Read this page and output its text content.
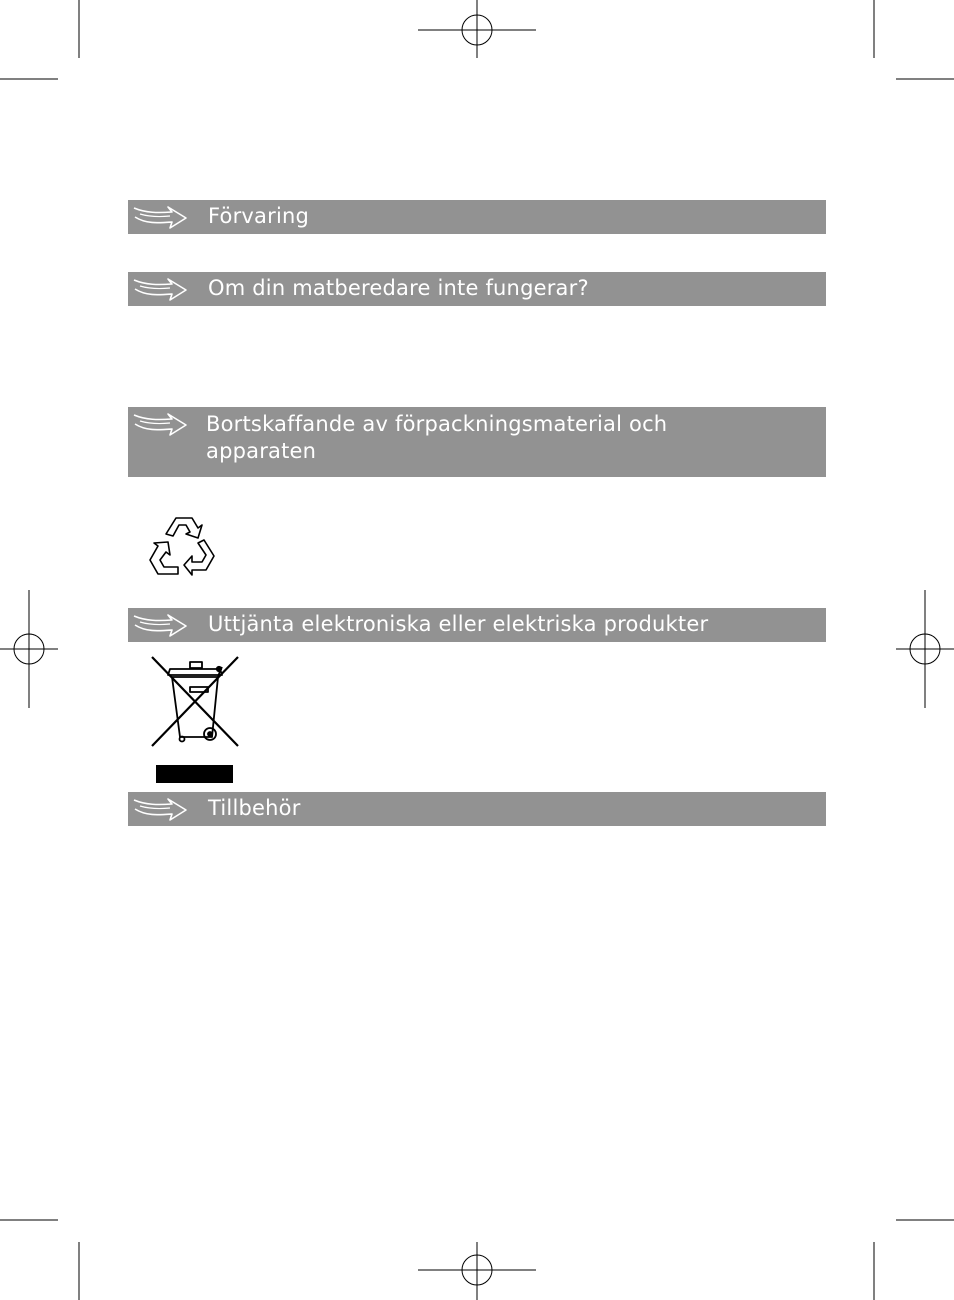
Förvaring
Om din matberedare inte fungerar?
Bortskaffande av förpackningsmaterial och apparaten
Uttjänta elektroniska eller elektriska produkter
Tillbehör
